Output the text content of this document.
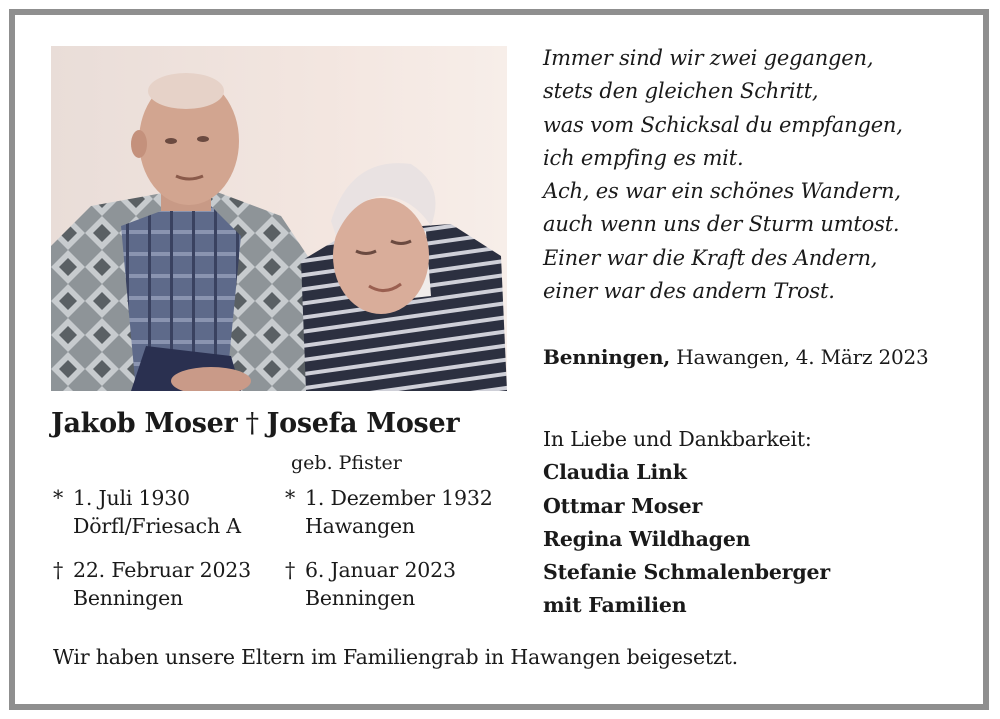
Immer sind wir zwei gegangen,
stets den gleichen Schritt,
was vom Schicksal du empfangen,
ich empfing es mit.
Ach, es war ein schönes Wandern,
auch wenn uns der Sturm umtost.
Einer war die Kraft des Andern,
einer war des andern Trost.
Benningen, Hawangen, 4. März 2023
Jakob Moser † Josefa Moser
geb. Pfister
* 1. Juli 1930
Dörfl/Friesach A
† 22. Februar 2023
Benningen
* 1. Dezember 1932
Hawangen
† 6. Januar 2023
Benningen
In Liebe und Dankbarkeit:
Claudia Link
Ottmar Moser
Regina Wildhagen
Stefanie Schmalenberger
mit Familien
Wir haben unsere Eltern im Familiengrab in Hawangen beigesetzt.
